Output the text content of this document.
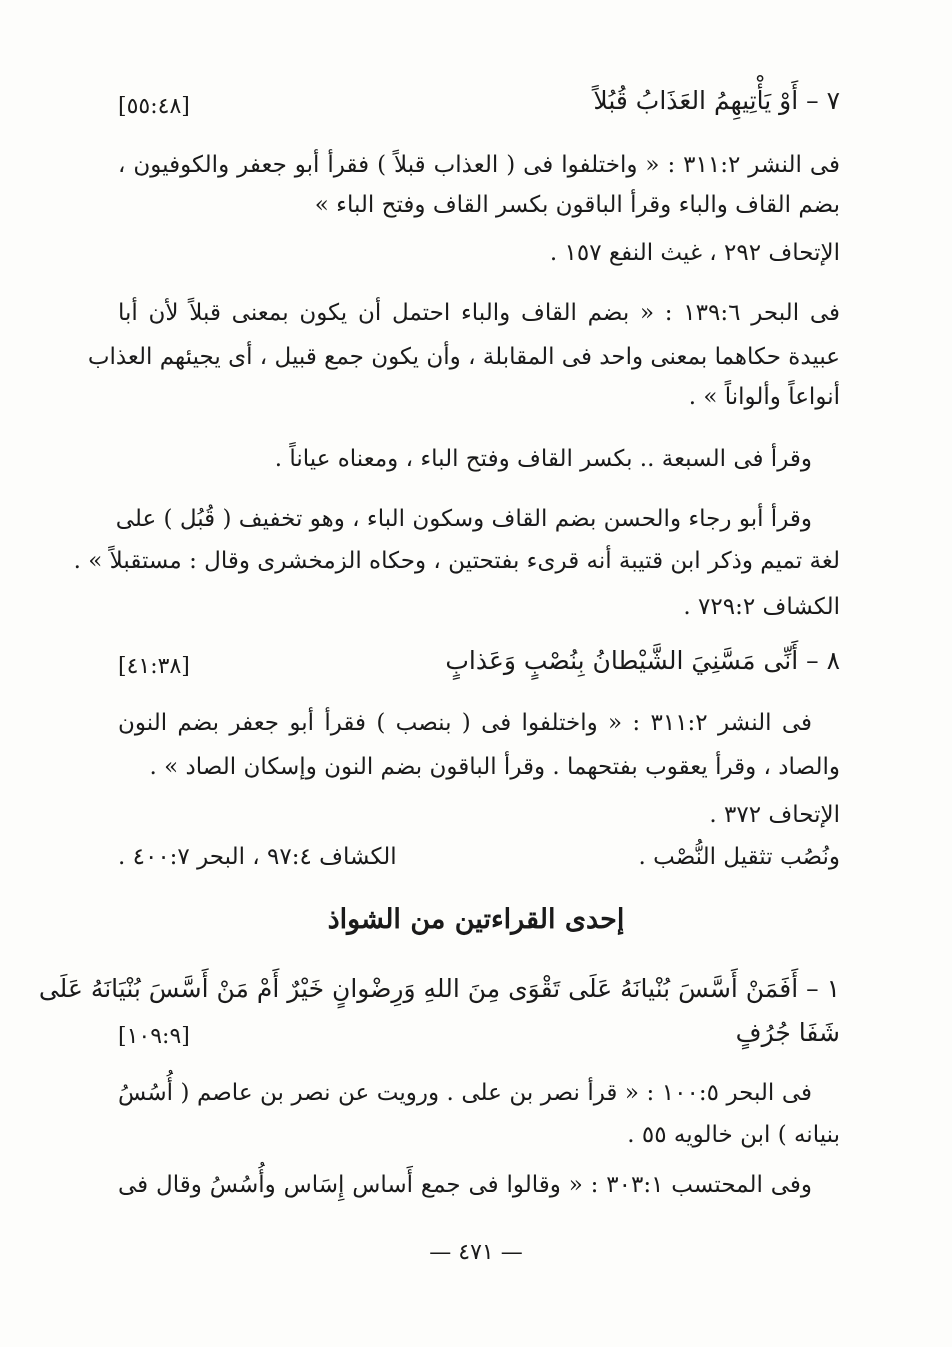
٧ – أَوْ يَأْتِيهِمُ العَذَابُ قُبُلاً
[٥٥:٤٨]
فى النشر ٣١١:٢ : « واختلفوا فى ( العذاب قبلاً ) فقرأ أبو جعفر والكوفيون ،
بضم القاف والباء وقرأ الباقون بكسر القاف وفتح الباء »
الإتحاف ٢٩٢ ، غيث النفع ١٥٧ .
فى البحر ١٣٩:٦ : « بضم القاف والباء احتمل أن يكون بمعنى قبلاً لأن أبا
عبيدة حكاهما بمعنى واحد فى المقابلة ، وأن يكون جمع قبيل ، أى يجيئهم العذاب
أنواعاً وألواناً » .
وقرأ فى السبعة .. بكسر القاف وفتح الباء ، ومعناه عياناً .
وقرأ أبو رجاء والحسن بضم القاف وسكون الباء ، وهو تخفيف ( قُبُل ) على
لغة تميم وذكر ابن قتيبة أنه قرىء بفتحتين ، وحكاه الزمخشرى وقال : مستقبلاً » .
الكشاف ٧٢٩:٢ .
٨ – أَنِّى مَسَّنِيَ الشَّيْطانُ بِنُصْبٍ وَعَذابٍ
[٤١:٣٨]
فى النشر ٣١١:٢ : « واختلفوا فى ( بنصب ) فقرأ أبو جعفر بضم النون
والصاد ، وقرأ يعقوب بفتحهما . وقرأ الباقون بضم النون وإسكان الصاد » .
الإتحاف ٣٧٢ .
ونُصُب تثقيل النُّصْب .
الكشاف ٩٧:٤ ، البحر ٤٠٠:٧ .
إحدى القراءتين من الشواذ
١ – أَفَمَنْ أَسَّسَ بُنْيانَهُ عَلَى تَقْوَى مِنَ اللهِ وَرِضْوانٍ خَيْرٌ أَمْ مَنْ أَسَّسَ بُنْيَانَهُ عَلَى
شَفَا جُرُفٍ
[١٠٩:٩]
فى البحر ١٠٠:٥ : « قرأ نصر بن على . ورويت عن نصر بن عاصم ( أُسُسُ
بنيانه ) ابن خالويه ٥٥ .
وفى المحتسب ٣٠٣:١ : « وقالوا فى جمع أَساس إِسَاس وأُسُسُ وقال فى
— ٤٧١ —
